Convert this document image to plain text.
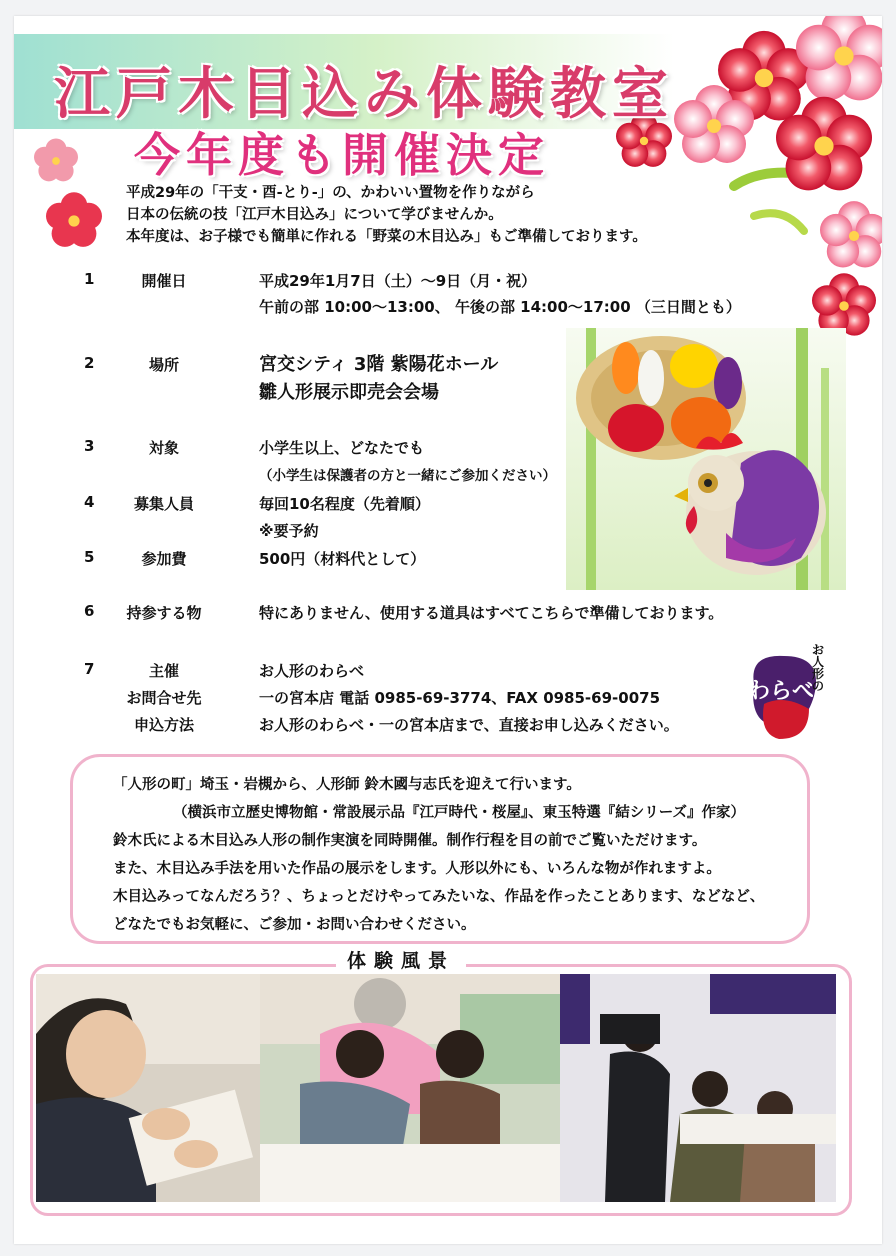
江戸木目込み体験教室
今年度も開催決定
平成29年の「干支・酉-とり-」の、かわいい置物を作りながら
日本の伝統の技「江戸木目込み」について学びませんか。
本年度は、お子様でも簡単に作れる「野菜の木目込み」もご準備しております。
1	開催日	平成29年1月7日（土）～9日（月・祝）
午前の部 10:00～13:00、 午後の部 14:00～17:00 （三日間とも）
2	場所	宮交シティ 3階 紫陽花ホール
雛人形展示即売会会場
3	対象	小学生以上、どなたでも
（小学生は保護者の方と一緒にご参加ください）
4	募集人員	毎回10名程度（先着順）
※要予約
5	参加費	500円（材料代として）
6	持参する物	特にありません、使用する道具はすべてこちらで準備しております。
7	主催	お人形のわらべ
お問合せ先	一の宮本店 電話 0985-69-3774、FAX 0985-69-0075
申込方法	お人形のわらべ・一の宮本店まで、直接お申し込みください。
お人形の
わらべ

「人形の町」埼玉・岩槻から、人形師 鈴木國与志氏を迎えて行います。

（横浜市立歴史博物館・常設展示品『江戸時代・桜屋』、東玉特選『結シリーズ』作家）

鈴木氏による木目込み人形の制作実演を同時開催。制作行程を目の前でご覧いただけます。

また、木目込み手法を用いた作品の展示をします。人形以外にも、いろんな物が作れますよ。

木目込みってなんだろう？、ちょっとだけやってみたいな、作品を作ったことあります、などなど、

どなたでもお気軽に、ご参加・お問い合わせください。

体験風景
